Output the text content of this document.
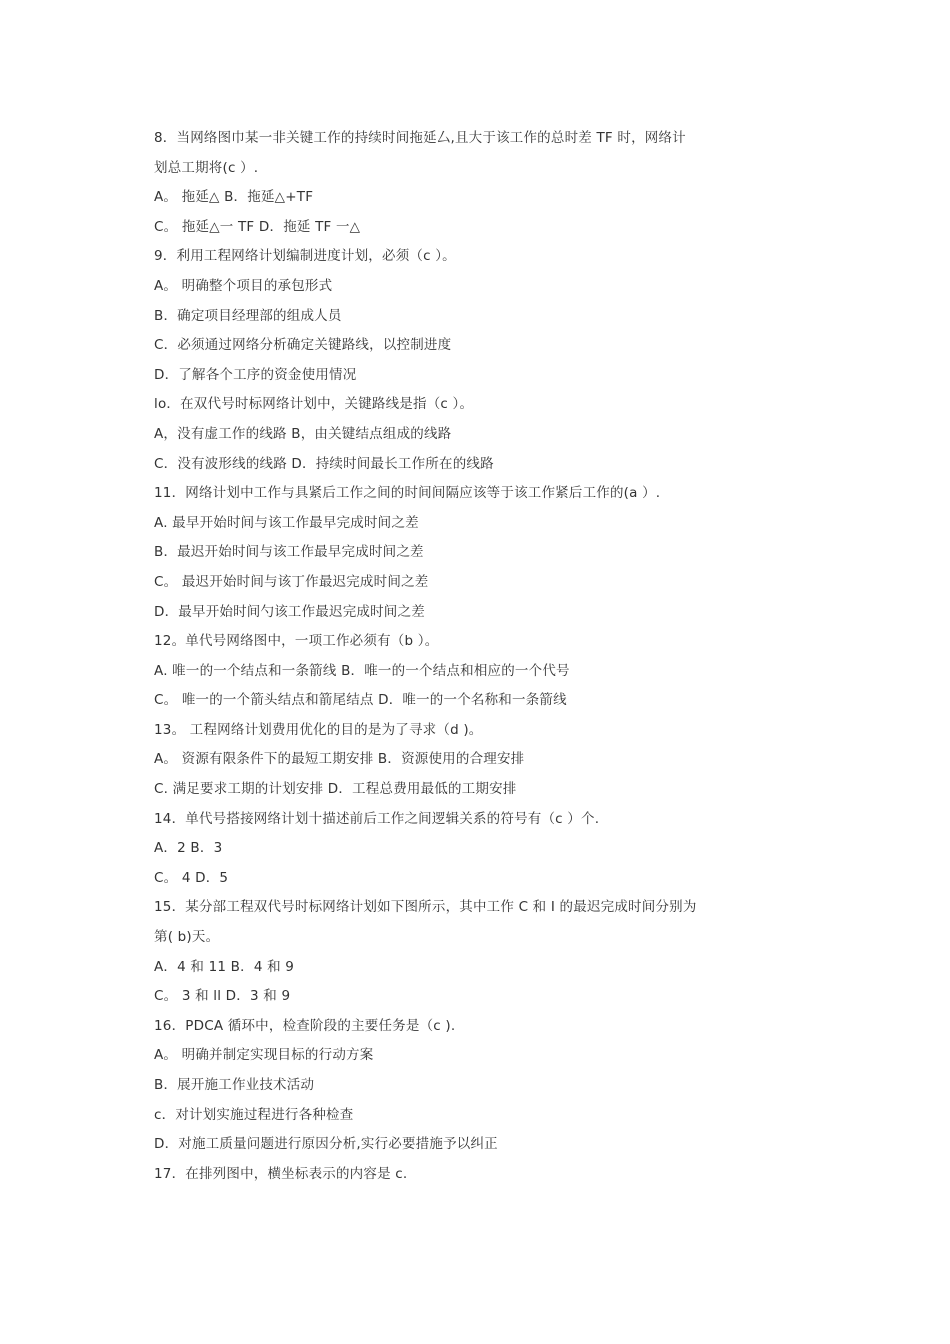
8．当网络图巾某一非关键工作的持续时间拖延厶,且大于该工作的总时差 TF 时，网络计
划总工期将(c ）.
A。 拖延△ B．拖延△+TF
C。 拖延△一 TF D．拖延 TF 一△
9．利用工程网络计划编制进度计划，必须（c ）。
A。 明确整个项目的承包形式
B．确定项目经理部的组成人员
C．必须通过网络分析确定关键路线，以控制进度
D．了解各个工序的资金使用情况
lo．在双代号时标网络计划中，关键路线是指（c ）。
A，没有虚工作的线路 B，由关键结点组成的线路
C．没有波形线的线路 D．持续时间最长工作所在的线路
11．网络计划中工作与具紧后工作之间的时间间隔应该等于该工作紧后工作的(a ）.
A. 最早开始时间与该工作最早完成时间之差
B．最迟开始时间与该工作最早完成时间之差
C。 最迟开始时间与该丁作最迟完成时间之差
D．最早开始时间勺该工作最迟完成时间之差
12。单代号网络图中，一项工作必须有（b ）。
A. 唯一的一个结点和一条箭线 B．唯一的一个结点和相应的一个代号
C。 唯一的一个箭头结点和箭尾结点 D．唯一的一个名称和一条箭线
13。 工程网络计划费用优化的目的是为了寻求（d )。
A。 资源有限条件下的最短工期安排 B．资源使用的合理安排
C. 满足要求工期的计划安排 D．工程总费用最低的工期安排
14．单代号搭接网络计划十描述前后工作之间逻辑关系的符号有（c ）个.
A．2 B．3
C。 4 D．5
15．某分部工程双代号时标网络计划如下图所示，其中工作 C 和 I 的最迟完成时间分别为
第( b)天。
A．4 和 11 B．4 和 9
C。 3 和 ll D．3 和 9
16．PDCA 循环中，检查阶段的主要任务是（c ).
A。 明确并制定实现目标的行动方案
B．展开施工作业技术活动
c．对计划实施过程进行各种检查
D．对施工质量问题进行原因分析,实行必要措施予以纠正
17．在排列图中，横坐标表示的内容是 c.
